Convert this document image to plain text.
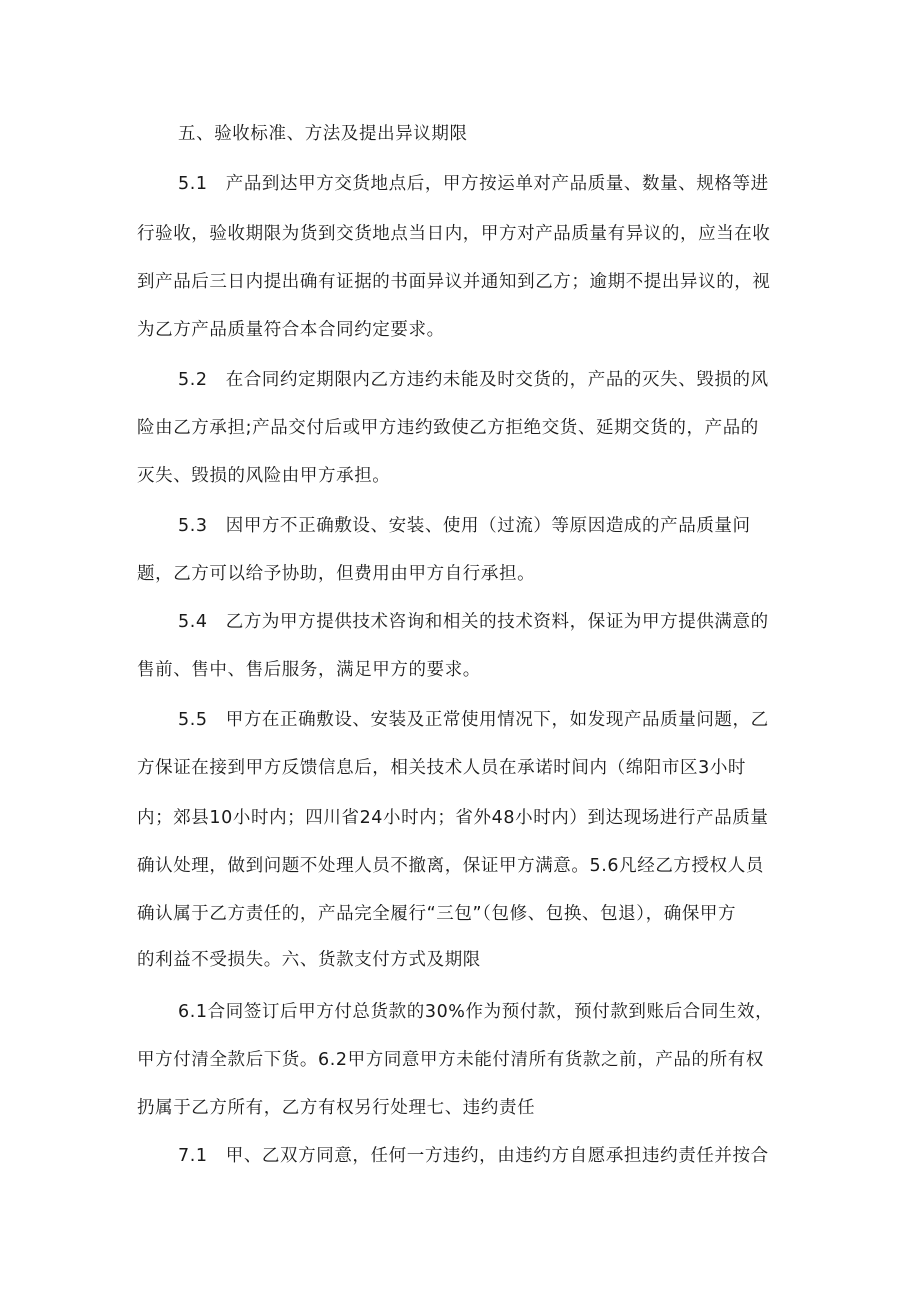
五、验收标准、方法及提出异议期限
5.1　产品到达甲方交货地点后，甲方按运单对产品质量、数量、规格等进
行验收，验收期限为货到交货地点当日内，甲方对产品质量有异议的，应当在收
到产品后三日内提出确有证据的书面异议并通知到乙方；逾期不提出异议的，视
为乙方产品质量符合本合同约定要求。
5.2　在合同约定期限内乙方违约未能及时交货的，产品的灭失、毁损的风
险由乙方承担;产品交付后或甲方违约致使乙方拒绝交货、延期交货的，产品的
灭失、毁损的风险由甲方承担。
5.3　因甲方不正确敷设、安装、使用（过流）等原因造成的产品质量问
题，乙方可以给予协助，但费用由甲方自行承担。
5.4　乙方为甲方提供技术咨询和相关的技术资料，保证为甲方提供满意的
售前、售中、售后服务，满足甲方的要求。
5.5　甲方在正确敷设、安装及正常使用情况下，如发现产品质量问题，乙
方保证在接到甲方反馈信息后，相关技术人员在承诺时间内（绵阳市区3小时
内；郊县10小时内；四川省24小时内；省外48小时内）到达现场进行产品质量
确认处理，做到问题不处理人员不撤离，保证甲方满意。5.6凡经乙方授权人员
确认属于乙方责任的，产品完全履行“三包”（包修、包换、包退），确保甲方
的利益不受损失。六、货款支付方式及期限
6.1合同签订后甲方付总货款的30%作为预付款，预付款到账后合同生效，
甲方付清全款后下货。6.2甲方同意甲方未能付清所有货款之前，产品的所有权
扔属于乙方所有，乙方有权另行处理七、违约责任
7.1　甲、乙双方同意，任何一方违约，由违约方自愿承担违约责任并按合
